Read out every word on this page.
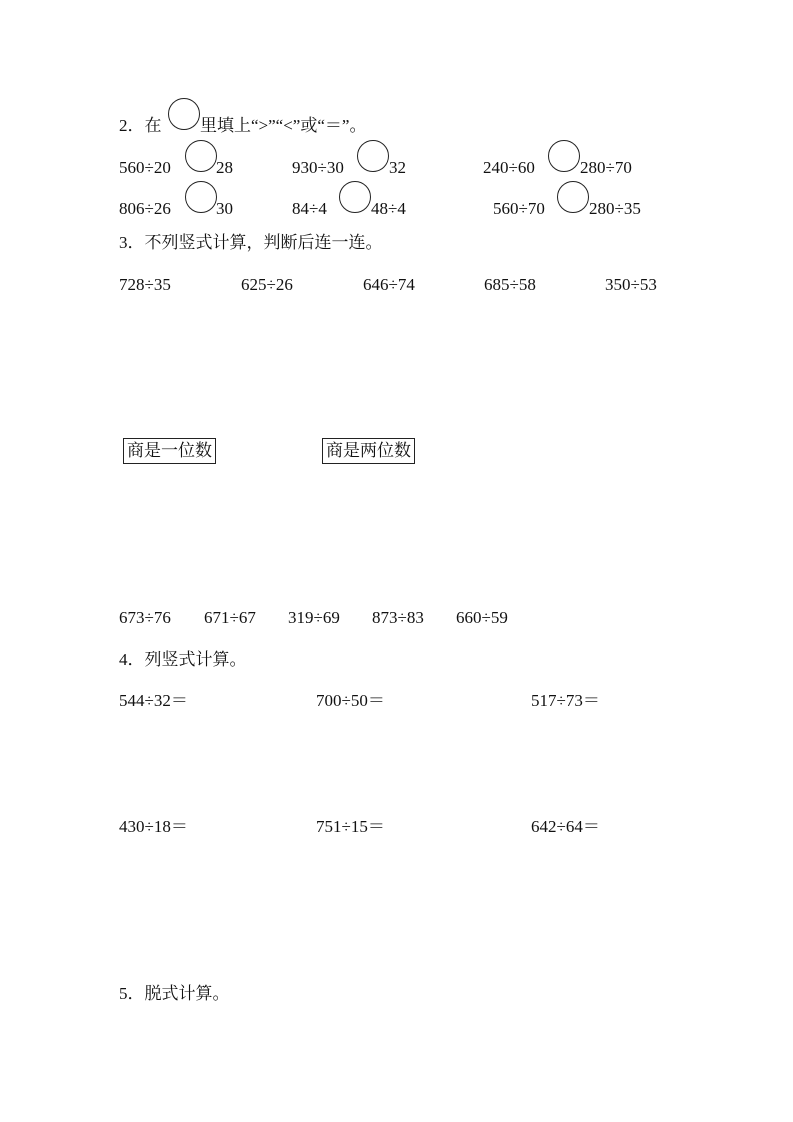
2．在 里填上“>”“<”或“＝”。
560÷20	28	930÷30	32	240÷60	280÷70
806÷26	30	84÷4	48÷4	560÷70	280÷35
3．不列竖式计算，判断后连一连。
728÷35	625÷26	646÷74	685÷58	350÷53
商是一位数	商是两位数
673÷76 671÷67 319÷69 873÷83 660÷59
4．列竖式计算。
544÷32＝	700÷50＝	517÷73＝
430÷18＝	751÷15＝	642÷64＝
5．脱式计算。
